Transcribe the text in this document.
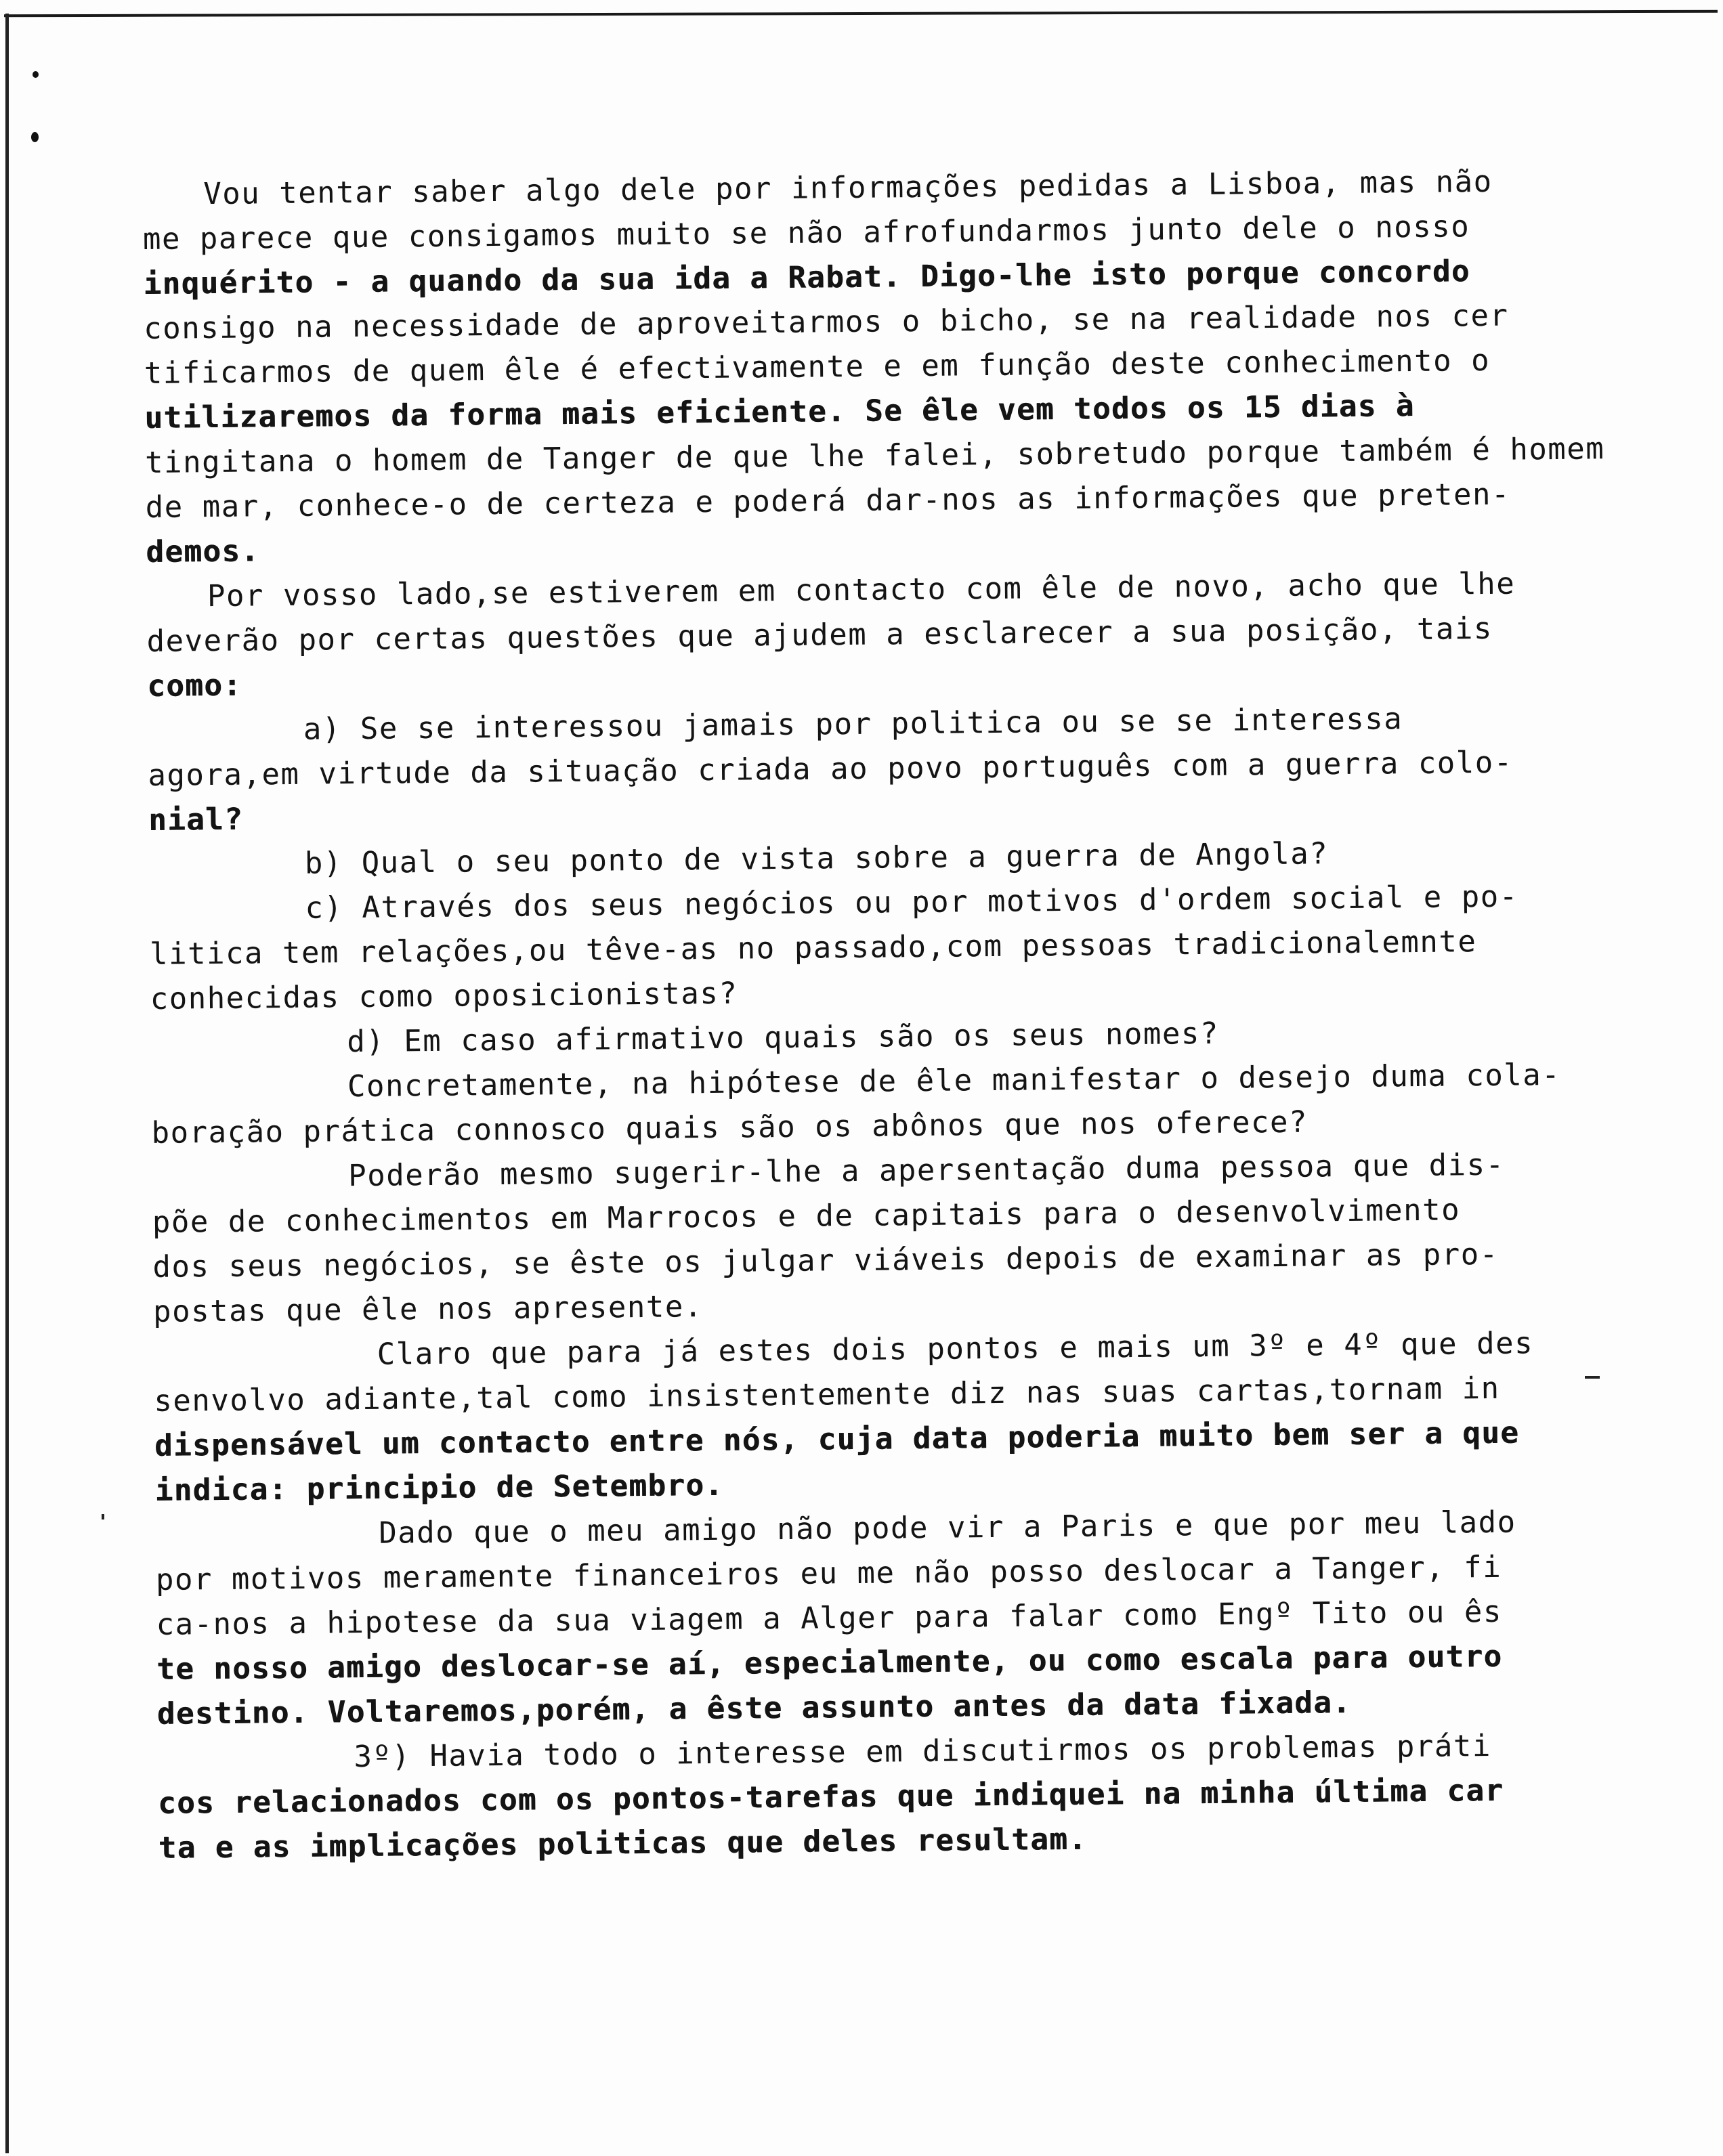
Vou tentar saber algo dele por informações pedidas a Lisboa, mas não
me parece que consigamos muito se não afrofundarmos junto dele o nosso
inquérito - a quando da sua ida a Rabat. Digo-lhe isto porque concordo
consigo na necessidade de aproveitarmos o bicho, se na realidade nos cer
tificarmos de quem êle é efectivamente e em função deste conhecimento o
utilizaremos da forma mais eficiente. Se êle vem todos os 15 dias à
tingitana o homem de Tanger de que lhe falei, sobretudo porque também é homem
de mar, conhece-o de certeza e poderá dar-nos as informações que preten-
demos.
Por vosso lado,se estiverem em contacto com êle de novo, acho que lhe
deverão por certas questões que ajudem a esclarecer a sua posição, tais
como:
a) Se se interessou jamais por politica ou se se interessa
agora,em virtude da situação criada ao povo português com a guerra colo-
nial?
b) Qual o seu ponto de vista sobre a guerra de Angola?
c) Através dos seus negócios ou por motivos d'ordem social e po-
litica tem relações,ou têve-as no passado,com pessoas tradicionalemnte
conhecidas como oposicionistas?
d) Em caso afirmativo quais são os seus nomes?
Concretamente, na hipótese de êle manifestar o desejo duma cola-
boração prática connosco quais são os abônos que nos oferece?
Poderão mesmo sugerir-lhe a apersentação duma pessoa que dis-
põe de conhecimentos em Marrocos e de capitais para o desenvolvimento
dos seus negócios, se êste os julgar viáveis depois de examinar as pro-
postas que êle nos apresente.
Claro que para já estes dois pontos e mais um 3º e 4º que des
senvolvo adiante,tal como insistentemente diz nas suas cartas,tornam in
dispensável um contacto entre nós, cuja data poderia muito bem ser a que
indica: principio de Setembro.
Dado que o meu amigo não pode vir a Paris e que por meu lado
por motivos meramente financeiros eu me não posso deslocar a Tanger, fi
ca-nos a hipotese da sua viagem a Alger para falar como Engº Tito ou ês
te nosso amigo deslocar-se aí, especialmente, ou como escala para outro
destino. Voltaremos,porém, a êste assunto antes da data fixada.
3º) Havia todo o interesse em discutirmos os problemas práti
cos relacionados com os pontos-tarefas que indiquei na minha última car
ta e as implicações politicas que deles resultam.
